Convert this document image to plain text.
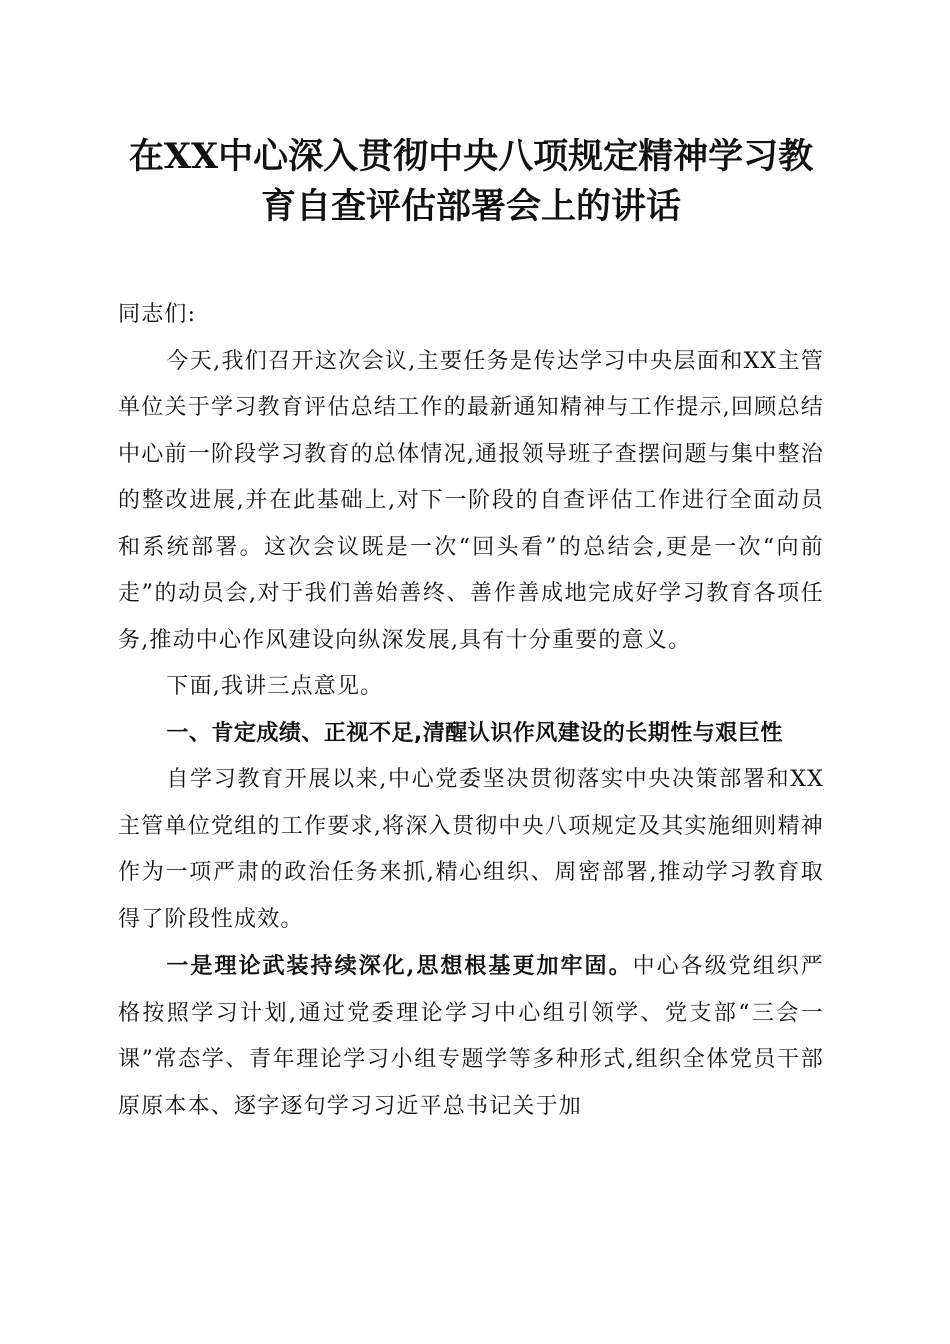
在XX中心深入贯彻中央八项规定精神学习教
育自查评估部署会上的讲话

同志们:

今天,我们召开这次会议,主要任务是传达学习中央层面和XX主管单位关于学习教育评估总结工作的最新通知精神与工作提示,回顾总结中心前一阶段学习教育的总体情况,通报领导班子查摆问题与集中整治的整改进展,并在此基础上,对下一阶段的自查评估工作进行全面动员和系统部署。这次会议既是一次“回头看”的总结会,更是一次“向前走”的动员会,对于我们善始善终、善作善成地完成好学习教育各项任务,推动中心作风建设向纵深发展,具有十分重要的意义。

下面,我讲三点意见。

一、肯定成绩、正视不足,清醒认识作风建设的长期性与艰巨性

自学习教育开展以来,中心党委坚决贯彻落实中央决策部署和XX主管单位党组的工作要求,将深入贯彻中央八项规定及其实施细则精神作为一项严肃的政治任务来抓,精心组织、周密部署,推动学习教育取得了阶段性成效。

一是理论武装持续深化,思想根基更加牢固。中心各级党组织严格按照学习计划,通过党委理论学习中心组引领学、党支部“三会一课”常态学、青年理论学习小组专题学等多种形式,组织全体党员干部原原本本、逐字逐句学习习近平总书记关于加
